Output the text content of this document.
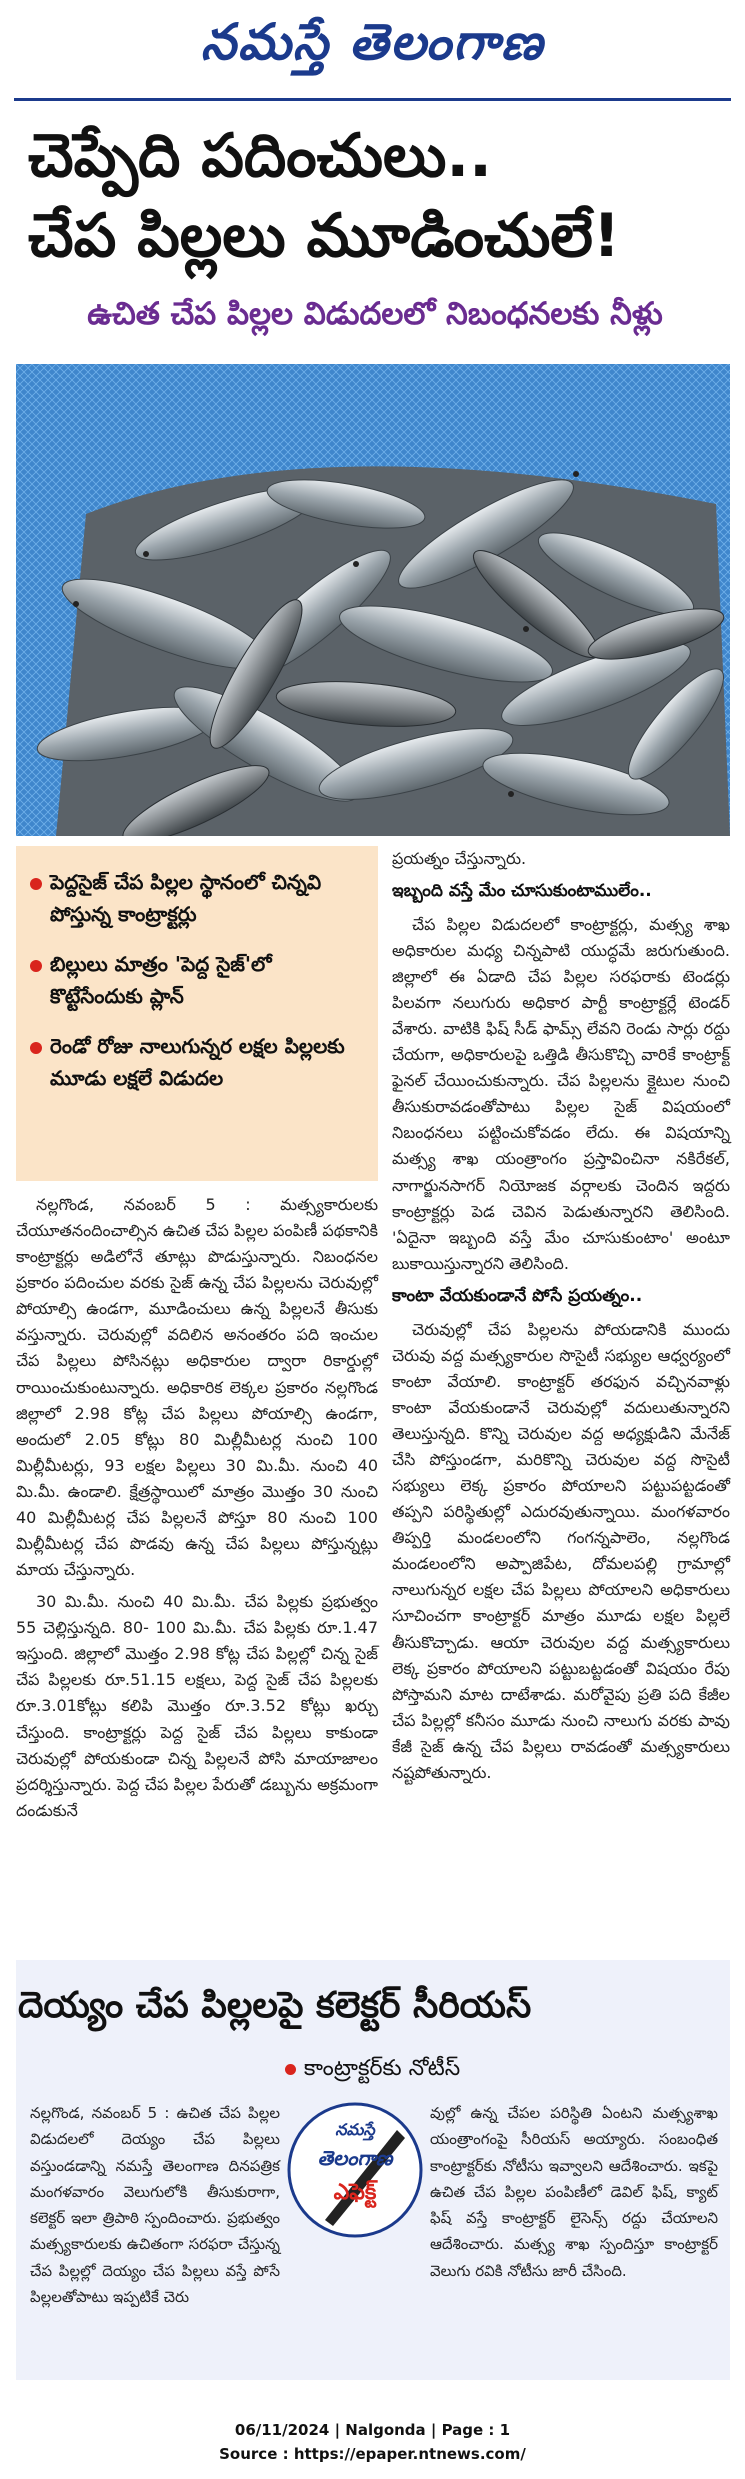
నమస్తే తెలంగాణ
చెప్పేది పదించులు..
చేప పిల్లలు మూడించులే!
ఉచిత చేప పిల్లల విడుదలలో నిబంధనలకు నీళ్లు

పెద్దసైజ్ చేప పిల్లల స్థానంలో చిన్నవి పోస్తున్న కాంట్రాక్టర్లు

బిల్లులు మాత్రం 'పెద్ద సైజ్'లో కొట్టేసేందుకు ప్లాన్

రెండో రోజు నాలుగున్నర లక్షల పిల్లలకు మూడు లక్షలే విడుదల

నల్లగొండ, నవంబర్ 5 : మత్స్యకారులకు చేయూతనందించాల్సిన ఉచిత చేప పిల్లల పంపిణీ పథకానికి కాంట్రాక్టర్లు అడిలోనే తూట్లు పొడుస్తున్నారు. నిబంధనల ప్రకారం పదించుల వరకు సైజ్ ఉన్న చేప పిల్లలను చెరువుల్లో పోయాల్సి ఉండగా, మూడించులు ఉన్న పిల్లలనే తీసుకు వస్తున్నారు. చెరువుల్లో వదిలిన అనంతరం పది ఇంచుల చేప పిల్లలు పోసినట్లు అధికారుల ద్వారా రికార్డుల్లో రాయించుకుంటున్నారు. అధికారిక లెక్కల ప్రకారం నల్లగొండ జిల్లాలో 2.98 కోట్ల చేప పిల్లలు పోయాల్సి ఉండగా, అందులో 2.05 కోట్లు 80 మిల్లీమీటర్ల నుంచి 100 మిల్లీమీటర్లు, 93 లక్షల పిల్లలు 30 మి.మీ. నుంచి 40 మి.మీ. ఉండాలి. క్షేత్రస్థాయిలో మాత్రం మొత్తం 30 నుంచి 40 మిల్లీమీటర్ల చేప పిల్లలనే పోస్తూ 80 నుంచి 100 మిల్లీమీటర్ల చేప పొడవు ఉన్న చేప పిల్లలు పోస్తున్నట్లు మాయ చేస్తున్నారు.

30 మి.మీ. నుంచి 40 మి.మీ. చేప పిల్లకు ప్రభుత్వం 55 చెల్లిస్తున్నది. 80- 100 మి.మీ. చేప పిల్లకు రూ.1.47 ఇస్తుంది. జిల్లాలో మొత్తం 2.98 కోట్ల చేప పిల్లల్లో చిన్న సైజ్ చేప పిల్లలకు రూ.51.15 లక్షలు, పెద్ద సైజ్ చేప పిల్లలకు రూ.3.01కోట్లు కలిపి మొత్తం రూ.3.52 కోట్లు ఖర్చు చేస్తుంది. కాంట్రాక్టర్లు పెద్ద సైజ్ చేప పిల్లలు కాకుండా చెరువుల్లో పోయకుండా చిన్న పిల్లలనే పోసి మాయాజాలం ప్రదర్శిస్తున్నారు. పెద్ద చేప పిల్లల పేరుతో డబ్బును అక్రమంగా దండుకునే

ప్రయత్నం చేస్తున్నారు.

ఇబ్బంది వస్తే మేం చూసుకుంటాములేం..

చేప పిల్లల విడుదలలో కాంట్రాక్టర్లు, మత్స్య శాఖ అధికారుల మధ్య చిన్నపాటి యుద్ధమే జరుగుతుంది. జిల్లాలో ఈ ఏడాది చేప పిల్లల సరఫరాకు టెండర్లు పిలవగా నలుగురు అధికార పార్టీ కాంట్రాక్టర్లే టెండర్ వేశారు. వాటికి ఫిష్ సీడ్ ఫామ్స్ లేవని రెండు సార్లు రద్దు చేయగా, అధికారులపై ఒత్తిడి తీసుకొచ్చి వారికే కాంట్రాక్ట్ ఫైనల్ చేయించుకున్నారు. చేప పిల్లలను క్లైటుల నుంచి తీసుకురావడంతోపాటు పిల్లల సైజ్ విషయంలో నిబంధనలు పట్టించుకోవడం లేదు. ఈ విషయాన్ని మత్స్య శాఖ యంత్రాంగం ప్రస్తావించినా నకిరేకల్, నాగార్జునసాగర్ నియోజక వర్గాలకు చెందిన ఇద్దరు కాంట్రాక్టర్లు పెడ చెవిన పెడుతున్నారని తెలిసింది. 'ఏదైనా ఇబ్బంది వస్తే మేం చూసుకుంటాం' అంటూ బుకాయిస్తున్నారని తెలిసింది.

కాంటా వేయకుండానే పోసే ప్రయత్నం..

చెరువుల్లో చేప పిల్లలను పోయడానికి ముందు చెరువు వద్ద మత్స్యకారుల సొసైటీ సభ్యుల ఆధ్వర్యంలో కాంటా వేయాలి. కాంట్రాక్టర్ తరఫున వచ్చినవాళ్లు కాంటా వేయకుండానే చెరువుల్లో వదులుతున్నారని తెలుస్తున్నది. కొన్ని చెరువుల వద్ద అధ్యక్షుడిని మేనేజ్ చేసి పోస్తుండగా, మరికొన్ని చెరువుల వద్ద సొసైటీ సభ్యులు లెక్క ప్రకారం పోయాలని పట్టుపట్టడంతో తప్పని పరిస్థితుల్లో ఎదురవుతున్నాయి. మంగళవారం తిప్పర్తి మండలంలోని గంగన్నపాలెం, నల్లగొండ మండలంలోని అప్పాజిపేట, దోమలపల్లి గ్రామాల్లో నాలుగున్నర లక్షల చేప పిల్లలు పోయాలని అధికారులు సూచించగా కాంట్రాక్టర్ మాత్రం మూడు లక్షల పిల్లలే తీసుకొచ్చాడు. ఆయా చెరువుల వద్ద మత్స్యకారులు లెక్క ప్రకారం పోయాలని పట్టుబట్టడంతో విషయం రేపు పోస్తామని మాట దాటేశాడు. మరోవైపు ప్రతి పది కేజీల చేప పిల్లల్లో కనీసం మూడు నుంచి నాలుగు వరకు పావు కేజీ సైజ్ ఉన్న చేప పిల్లలు రావడంతో మత్స్యకారులు నష్టపోతున్నారు.

దెయ్యం చేప పిల్లలపై కలెక్టర్ సీరియస్
కాంట్రాక్టర్‌కు నోటీస్

నల్లగొండ, నవంబర్ 5 : ఉచిత చేప పిల్లల విడుదలలో దెయ్యం చేప పిల్లలు వస్తుండడాన్ని నమస్తే తెలంగాణ దినపత్రిక మంగళవారం వెలుగులోకి తీసుకురాగా, కలెక్టర్ ఇలా త్రిపాఠి స్పందించారు. ప్రభుత్వం మత్స్యకారులకు ఉచితంగా సరఫరా చేస్తున్న చేప పిల్లల్లో దెయ్యం చేప పిల్లలు వస్తే పోసే పిల్లలతోపాటు ఇప్పటికే చెరు

నమస్తే
తెలంగాణ
ఎఫెక్ట్

వుల్లో ఉన్న చేపల పరిస్థితి ఏంటని మత్స్యశాఖ యంత్రాంగంపై సీరియస్ అయ్యారు. సంబంధిత కాంట్రాక్టర్‌కు నోటీసు ఇవ్వాలని ఆదేశించారు. ఇకపై ఉచిత చేప పిల్లల పంపిణీలో డెవిల్ ఫిష్, క్యాట్ ఫిష్ వస్తే కాంట్రాక్టర్ లైసెన్స్ రద్దు చేయాలని ఆదేశించారు. మత్స్య శాఖ స్పందిస్తూ కాంట్రాక్టర్ వెలుగు రవికి నోటీసు జారీ చేసింది.

06/11/2024 | Nalgonda | Page : 1
Source : https://epaper.ntnews.com/
